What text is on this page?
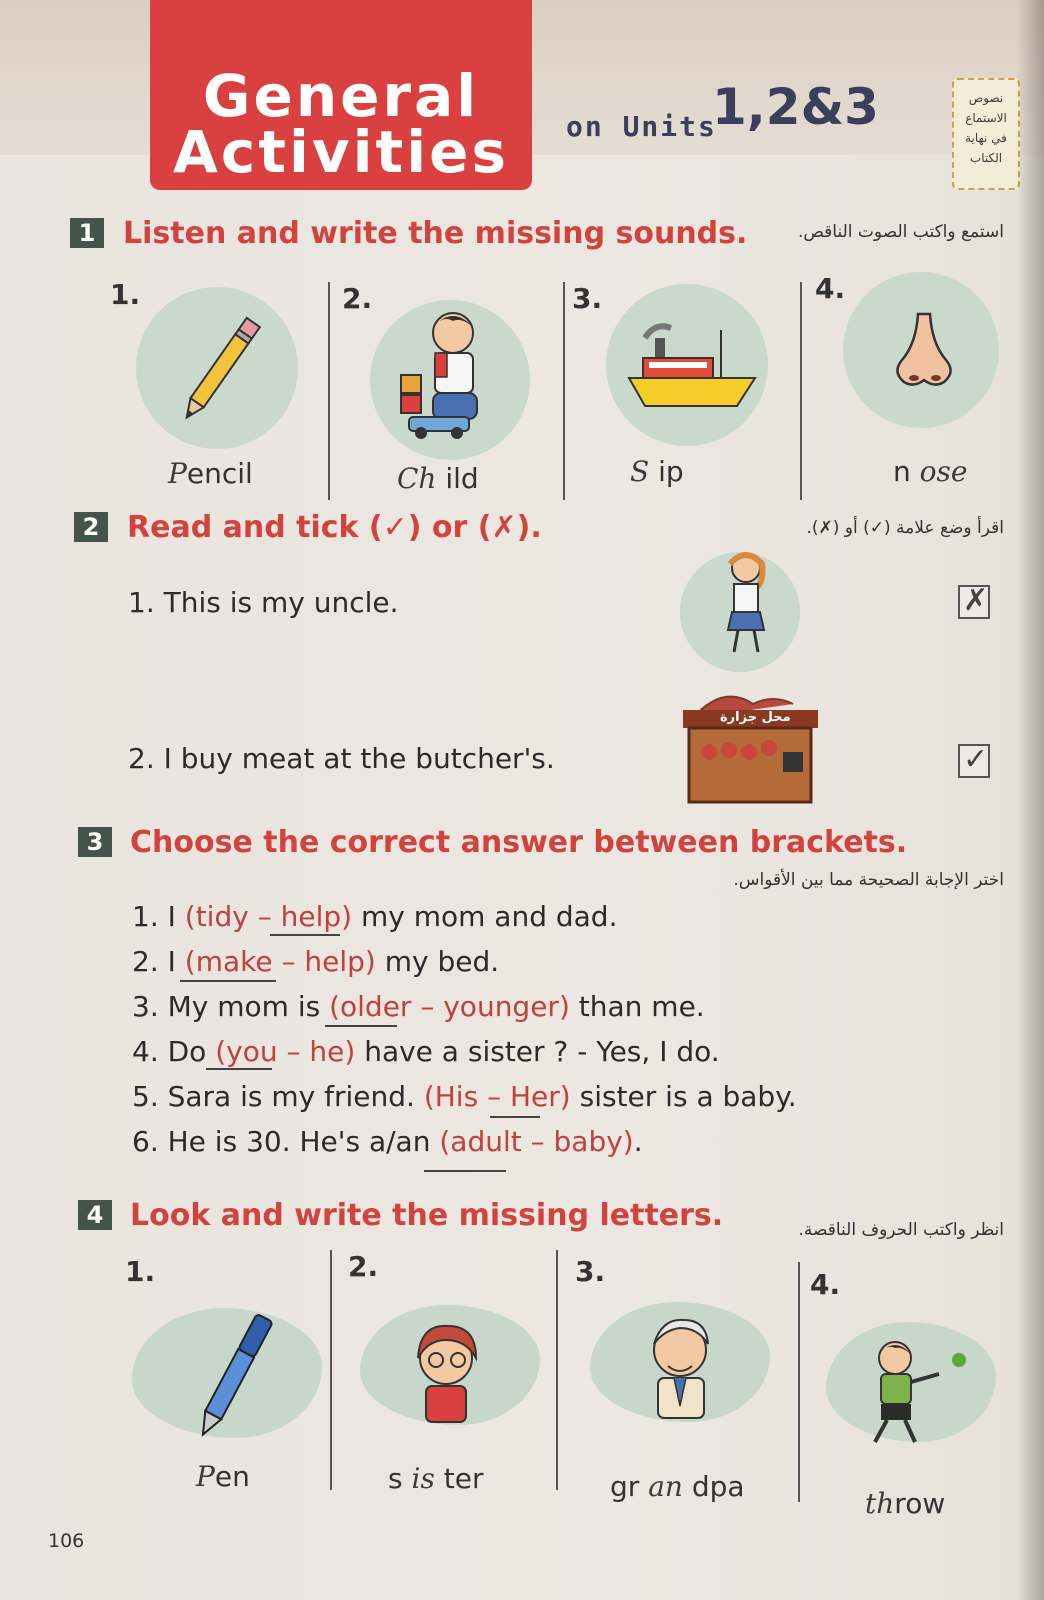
General
Activities	on Units
1,2&3	نصوص
الاستماع
في نهاية
الكتاب
1 Listen and write the missing sounds.	استمع واكتب الصوت الناقص.
1.	2.	3.	4.
Pencil	Ch ild	S ip	n ose
2 Read and tick (✓) or (✗).	اقرأ وضع علامة (✓) أو (✗).
1. This is my uncle.	✗
2. I buy meat at the butcher's.
محل جزارة
✓
3 Choose the correct answer between brackets.
اختر الإجابة الصحيحة مما بين الأقواس.
1. I (tidy – help) my mom and dad.
2. I (make – help) my bed.
3. My mom is (older – younger) than me.
4. Do (you – he) have a sister ? - Yes, I do.
5. Sara is my friend. (His – Her) sister is a baby.
6. He is 30. He's a/an (adult – baby).
4 Look and write the missing letters.	انظر واكتب الحروف الناقصة.
1.	2.	3.	4.
Pen	s is ter	gr an dpa
throw
106
